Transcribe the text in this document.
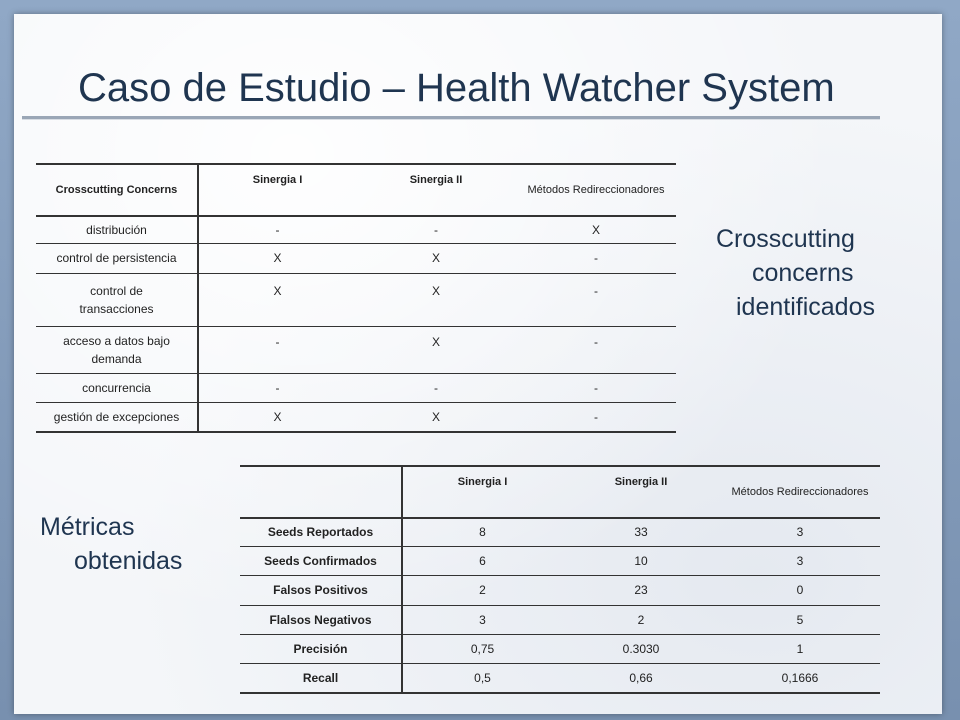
Caso de Estudio – Health Watcher System
Crosscutting Concerns	Sinergia I	Sinergia II	Métodos Redireccionadores
distribución	-	-	X
control de persistencia	X	X	-
control de transacciones	X	X	-
acceso a datos bajo demanda	-	X	-
concurrencia	-	-	-
gestión de excepciones	X	X	-
Crosscutting
concerns
identificados
Métricas
obtenidas
	Sinergia I	Sinergia II	Métodos Redireccionadores
Seeds Reportados	8	33	3
Seeds Confirmados	6	10	3
Falsos Positivos	2	23	0
Flalsos Negativos	3	2	5
Precisión	0,75	0.3030	1
Recall	0,5	0,66	0,1666
